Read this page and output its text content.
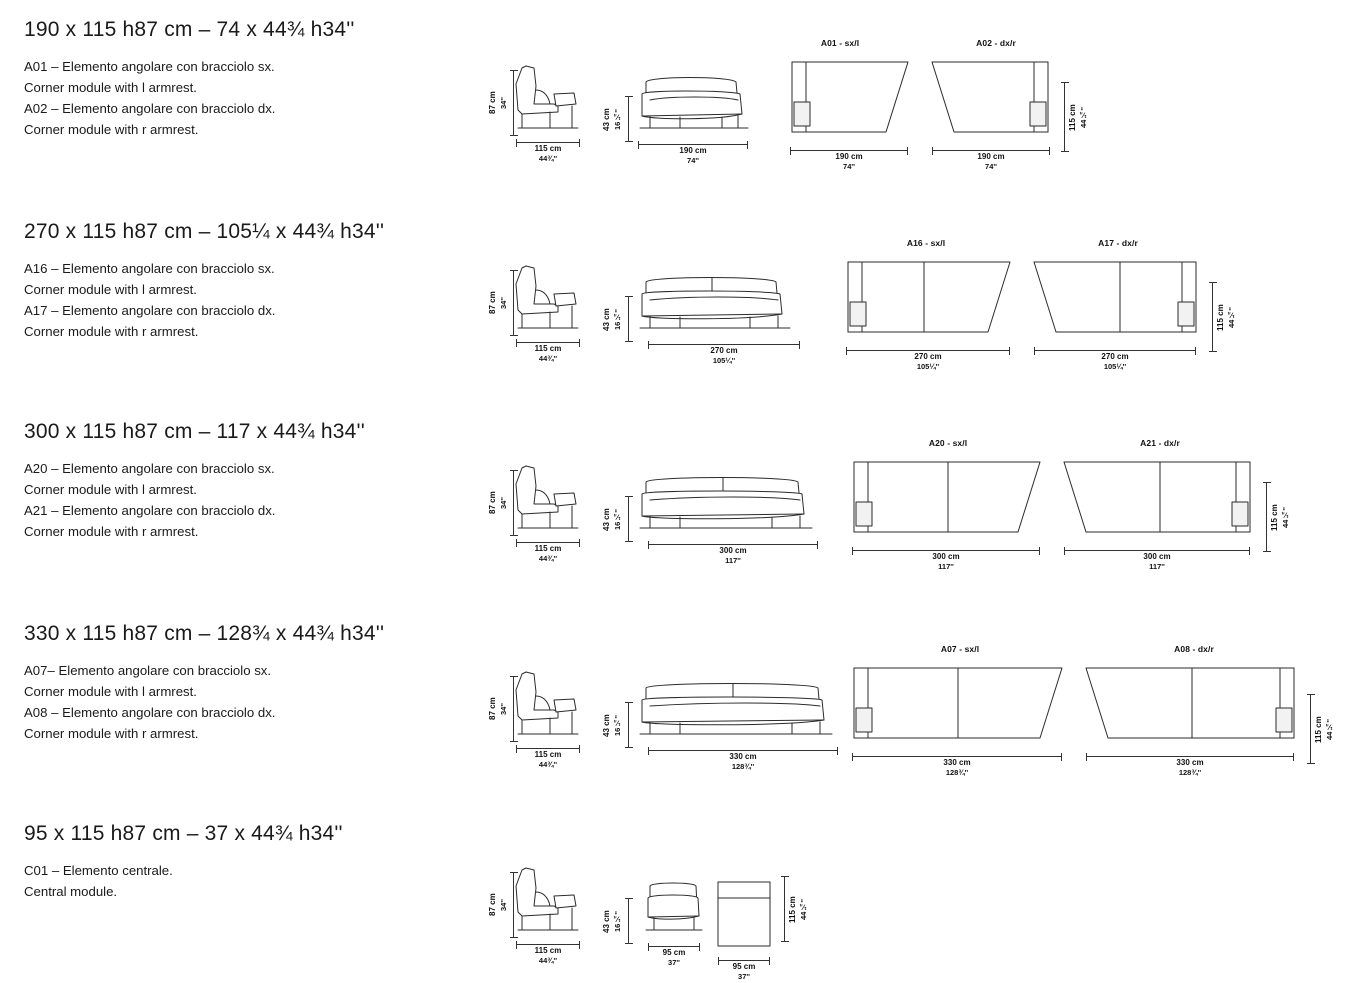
190 x 115 h87 cm – 74 x 44¾ h34''
A01 – Elemento angolare con bracciolo sx.
Corner module with l armrest.
A02 – Elemento angolare con bracciolo dx.
Corner module with r armrest.
87 cm 34''
115 cm
44¾''
43 cm 16¼''
190 cm
74''
A01 - sx/l
190 cm
74''
A02 - dx/r
190 cm
74''
115 cm 44¼''
270 x 115 h87 cm – 105¼ x 44¾ h34''
A16 – Elemento angolare con bracciolo sx.
Corner module with l armrest.
A17 – Elemento angolare con bracciolo dx.
Corner module with r armrest.
87 cm 34''
115 cm
44¾''
43 cm 16¼''
270 cm
105¼''
A16 - sx/l
270 cm
105¼''
A17 - dx/r
270 cm
105¼''
115 cm 44¼''
300 x 115 h87 cm – 117 x 44¾ h34''
A20 – Elemento angolare con bracciolo sx.
Corner module with l armrest.
A21 – Elemento angolare con bracciolo dx.
Corner module with r armrest.
87 cm 34''
115 cm
44¾''
43 cm 16¼''
300 cm
117''
A20 - sx/l
300 cm
117''
A21 - dx/r
300 cm
117''
115 cm 44¼''
330 x 115 h87 cm – 128¾ x 44¾ h34''
A07– Elemento angolare con bracciolo sx.
Corner module with l armrest.
A08 – Elemento angolare con bracciolo dx.
Corner module with r armrest.
87 cm 34''
115 cm
44¾''
43 cm 16¼''
330 cm
128¾''
A07 - sx/l
330 cm
128¾''
A08 - dx/r
330 cm
128¾''
115 cm 44¼''
95 x 115 h87 cm – 37 x 44¾ h34''
C01 – Elemento centrale.
Central module.
87 cm 34''
115 cm
44¾''
43 cm 16¼''
95 cm
37''	95 cm
37''
115 cm 44¼''
